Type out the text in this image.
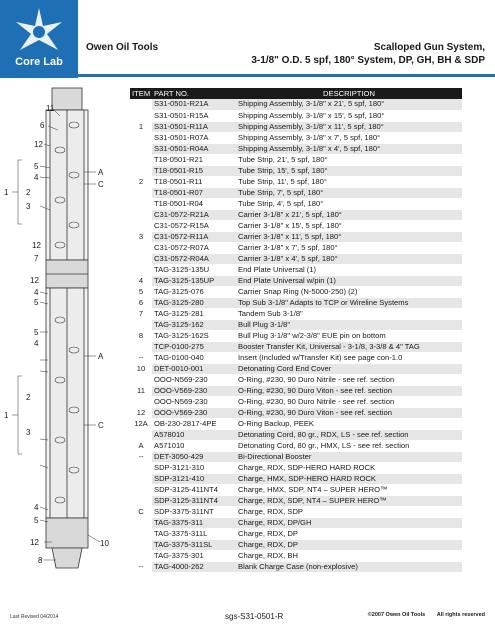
Core Lab
Owen Oil Tools	Scalloped Gun System,
3-1/8" O.D. 5 spf, 180° System, DP, GH, BH & SDP
11
6
12
5
4
1 2
3
A
C
4
5
12
7
12
5
4
A
1
2
3
C
4
5
12	10
8
ITEM	PART NO.	DESCRIPTION
	S31-0501-R21A	Shipping Assembly, 3-1/8" x 21', 5 spf, 180°
	S31-0501-R15A	Shipping Assembly, 3-1/8" x 15', 5 spf, 180°
1	S31-0501-R11A	Shipping Assembly, 3-1/8" x 11', 5 spf, 180°
	S31-0501-R07A	Shipping Assembly, 3-1/8" x 7', 5 spf, 180°
	S31-0501-R04A	Shipping Assembly, 3-1/8" x 4', 5 spf, 180°
	T18-0501-R21	Tube Strip, 21', 5 spf, 180°
	T18-0501-R15	Tube Strip, 15', 5 spf, 180°
2	T18-0501-R11	Tube Strip, 11', 5 spf, 180°
	T18-0501-R07	Tube Strip, 7', 5 spf, 180°
	T18-0501-R04	Tube Strip, 4', 5 spf, 180°
	C31-0572-R21A	Carrier 3-1/8" x 21', 5 spf, 180°
	C31-0572-R15A	Carrier 3-1/8" x 15', 5 spf, 180°
3	C31-0572-R11A	Carrier 3-1/8" x 11', 5 spf, 180°
	C31-0572-R07A	Carrier 3-1/8" x 7', 5 spf, 180°
	C31-0572-R04A	Carrier 3-1/8" x 4', 5 spf, 180°
	TAG-3125-135U	End Plate Universal (1)
4	TAG-3125-135UP	End Plate Universal w/pin (1)
5	TAG-3125-076	Carrier Snap Ring (N-5000-250) (2)
6	TAG-3125-280	Top Sub 3-1/8" Adapts to TCP or Wireline Systems
7	TAG-3125-281	Tandem Sub 3-1/8"
	TAG-3125-162	Bull Plug 3-1/8"
8	TAG-3125-162S	Bull Plug 3-1/8" w/2-3/8" EUE pin on bottom
	TCP-0100-275	Booster Transfer Kit, Universal - 3-1/8, 3-3/8 & 4" TAG
--	TAG-0100-040	Insert (Included w/Transfer Kit) see page con-1.0
10	DET-0010-001	Detonating Cord End Cover
	OOO-N569-230	O-Ring, #230, 90 Duro Nitrile - see ref. section
11	OOO-V569-230	O-Ring, #230, 90 Duro Viton - see ref. section
	OOO-N569-230	O-Ring, #230, 90 Duro Nitrile - see ref. section
12	OOO-V569-230	O-Ring, #230, 90 Duro Viton - see ref. section
12A	OB-230-2817-4PE	O-Ring Backup, PEEK
	A578010	Detonating Cord, 80 gr., RDX, LS - see ref. section
A	A571010	Detonating Cord, 80 gr., HMX, LS - see ref. section
--	DET-3050-429	Bi-Directional Booster
	SDP-3121-310	Charge, RDX, SDP-HERO HARD ROCK
	SDP-3121-410	Charge, HMX, SDP-HERO HARD ROCK
	SDP-3125-411NT4	Charge, HMX, SDP, NT4 – SUPER HERO™
	SDP-3125-311NT4	Charge, RDX, SDP, NT4 – SUPER HERO™
C	SDP-3375-311NT	Charge, RDX, SDP
	TAG-3375-311	Charge, RDX, DP/GH
	TAG-3375-311L	Charge, RDX, DP
	TAG-3375-311SL	Charge, RDX, DP
	TAG-3375-301	Charge, RDX, BH
--	TAG-4000-262	Blank Charge Case (non-explosive)
Last Revised 04/2014	sgs-S31-0501-R	©2007 Owen Oil Tools All rights reserved
